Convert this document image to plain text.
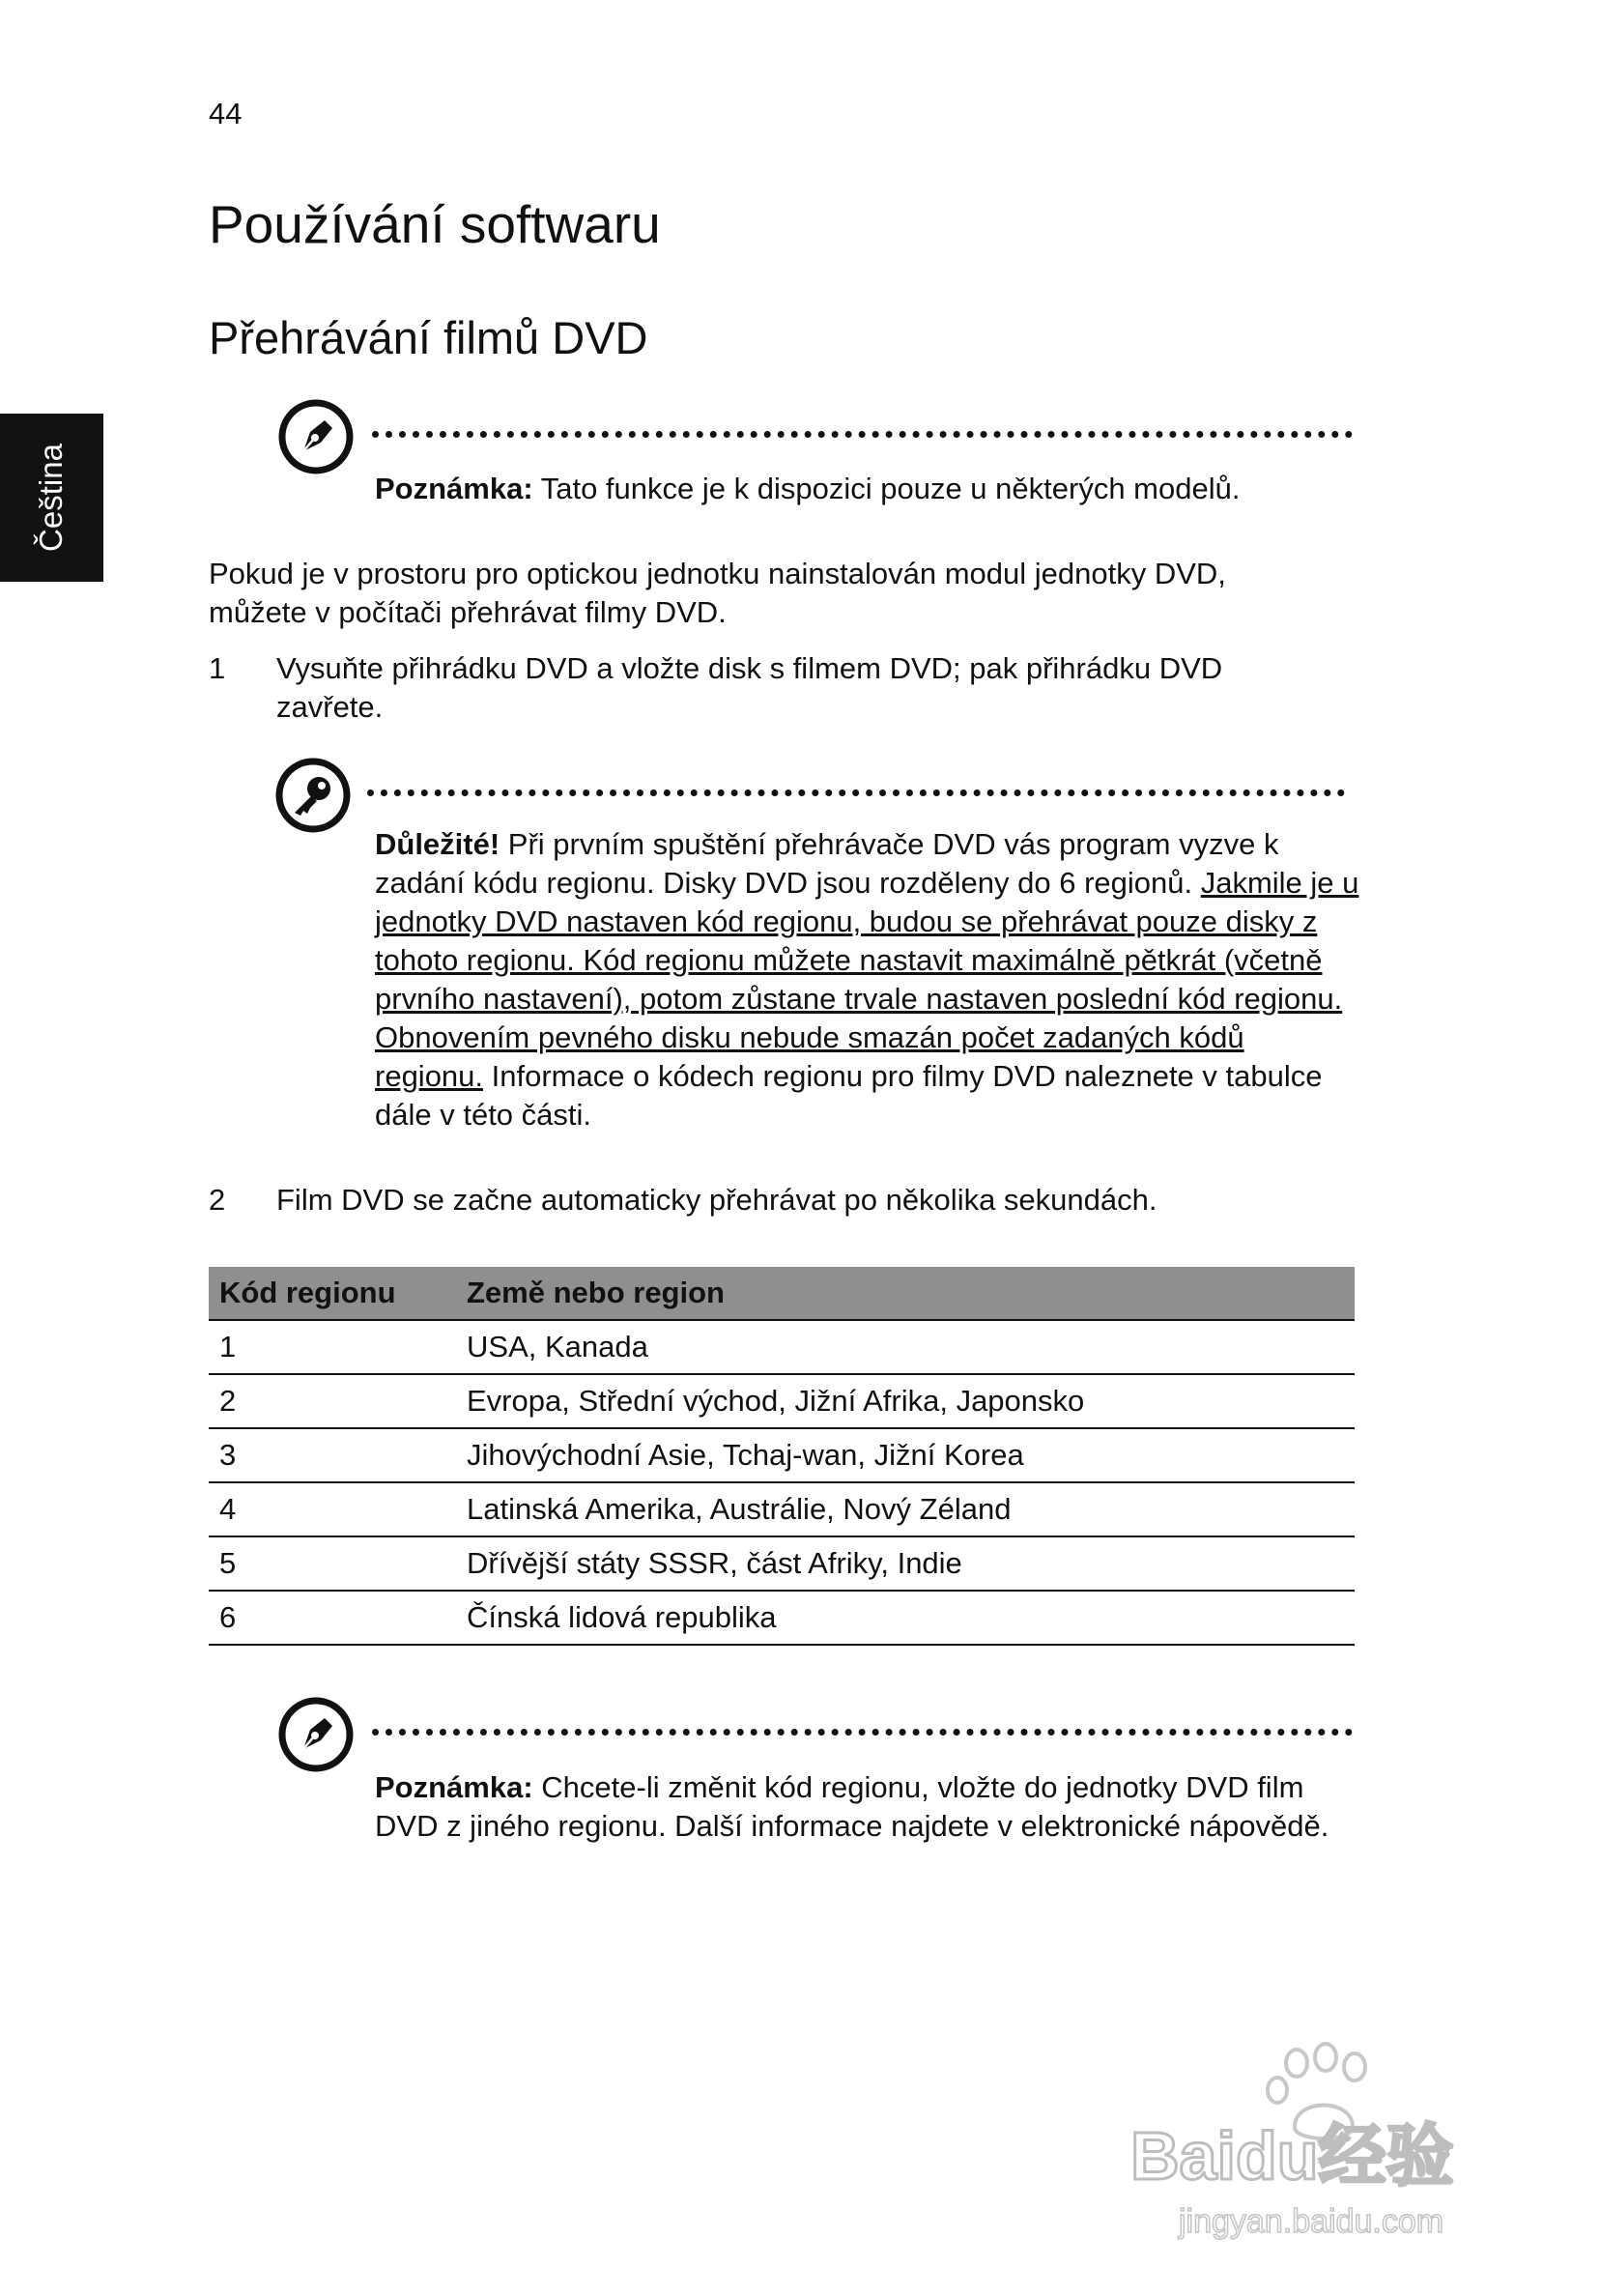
44
Čeština
Používání softwaru
Přehrávání filmů DVD

Poznámka: Tato funkce je k dispozici pouze u některých modelů.

Pokud je v prostoru pro optickou jednotku nainstalován modul jednotky DVD, můžete v počítači přehrávat filmy DVD.

1 Vysuňte přihrádku DVD a vložte disk s filmem DVD; pak přihrádku DVD zavřete.

Důležité! Při prvním spuštění přehrávače DVD vás program vyzve k zadání kódu regionu. Disky DVD jsou rozděleny do 6 regionů. Jakmile je u jednotky DVD nastaven kód regionu, budou se přehrávat pouze disky z tohoto regionu. Kód regionu můžete nastavit maximálně pětkrát (včetně prvního nastavení), potom zůstane trvale nastaven poslední kód regionu. Obnovením pevného disku nebude smazán počet zadaných kódů regionu. Informace o kódech regionu pro filmy DVD naleznete v tabulce dále v této části.

2 Film DVD se začne automaticky přehrávat po několika sekundách.

Kód regionu	Země nebo region
1	USA, Kanada
2	Evropa, Střední východ, Jižní Afrika, Japonsko
3	Jihovýchodní Asie, Tchaj-wan, Jižní Korea
4	Latinská Amerika, Austrálie, Nový Zéland
5	Dřívější státy SSSR, část Afriky, Indie
6	Čínská lidová republika

Poznámka: Chcete-li změnit kód regionu, vložte do jednotky DVD film DVD z jiného regionu. Další informace najdete v elektronické nápovědě.

Baidu经验
jingyan.baidu.com
